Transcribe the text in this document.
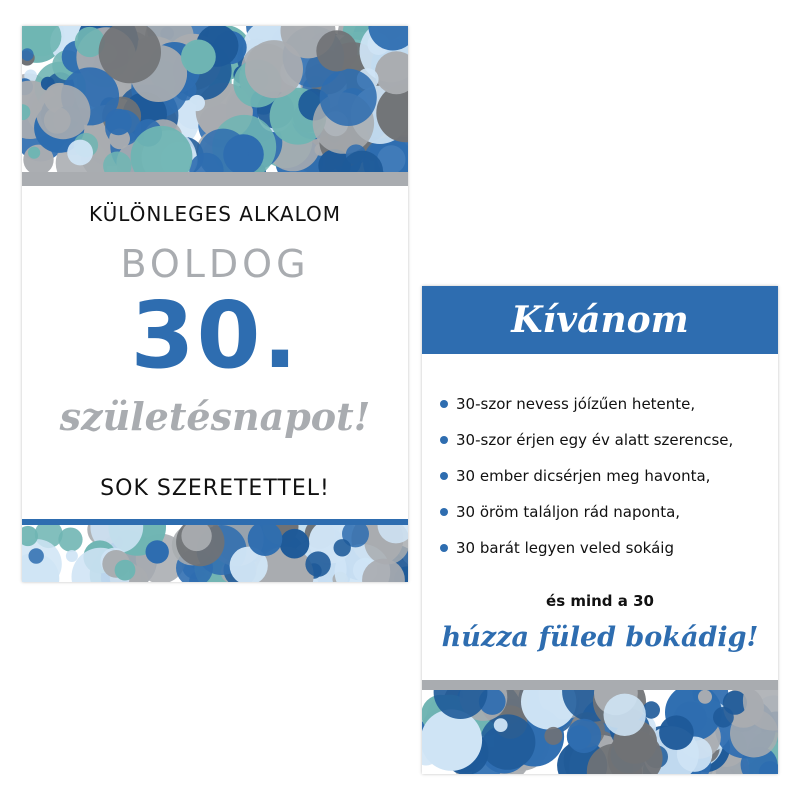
KÜLÖNLEGES ALKALOM
BOLDOG
30.
születésnapot!
SOK SZERETETTEL!
Kívánom
30-szor nevess jóízűen hetente,
30-szor érjen egy év alatt szerencse,
30 ember dicsérjen meg havonta,
30 öröm találjon rád naponta,
30 barát legyen veled sokáig
és mind a 30
húzza füled bokádig!
